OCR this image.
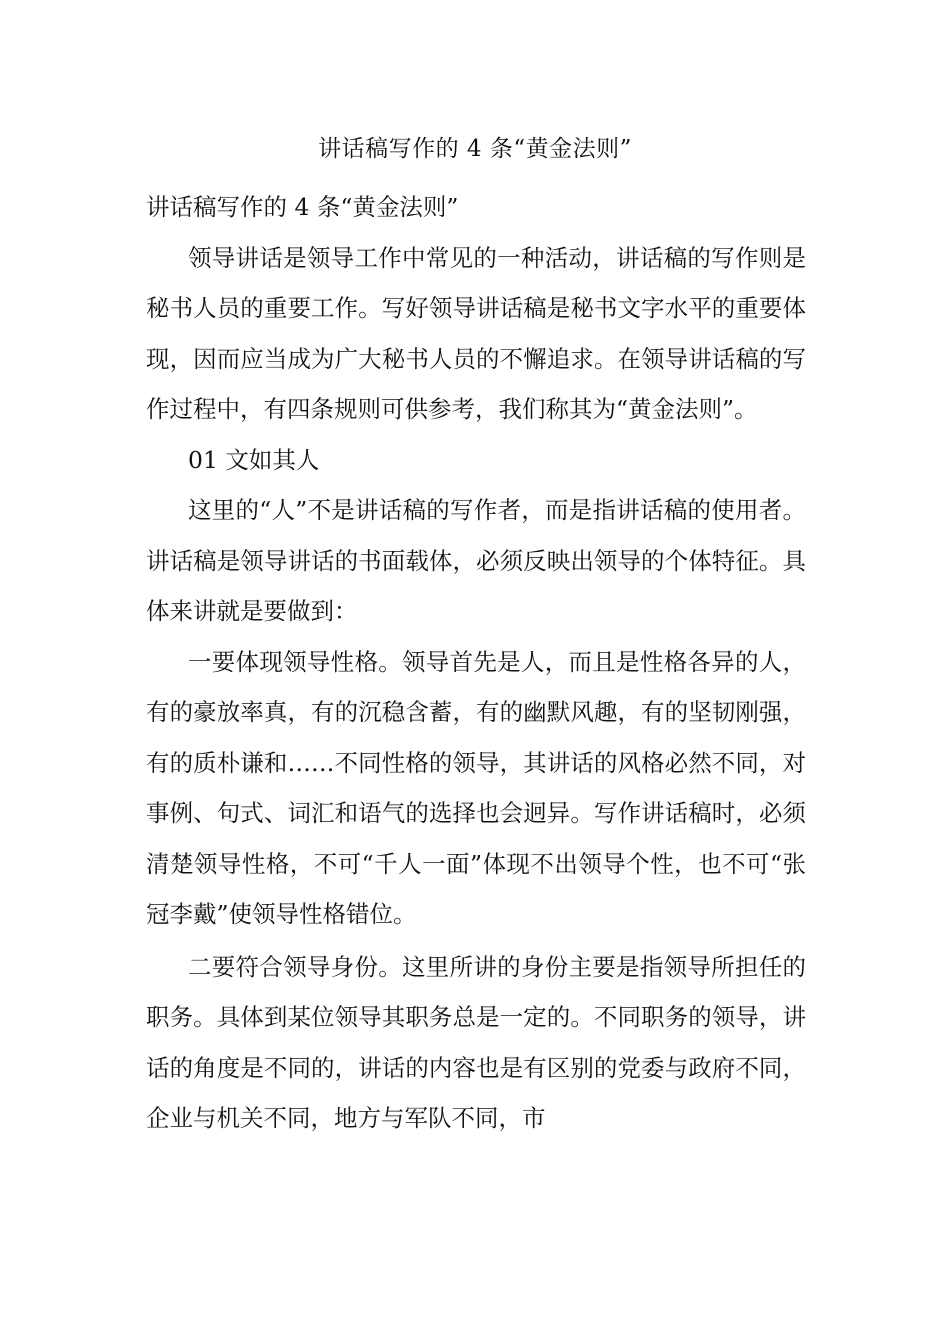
讲话稿写作的 4 条“黄金法则”

讲话稿写作的 4 条“黄金法则”

领导讲话是领导工作中常见的一种活动，讲话稿的写作则是秘书人员的重要工作。写好领导讲话稿是秘书文字水平的重要体现，因而应当成为广大秘书人员的不懈追求。在领导讲话稿的写作过程中，有四条规则可供参考，我们称其为“黄金法则”。

01 文如其人

这里的“人”不是讲话稿的写作者，而是指讲话稿的使用者。讲话稿是领导讲话的书面载体，必须反映出领导的个体特征。具体来讲就是要做到：

一要体现领导性格。领导首先是人，而且是性格各异的人，有的豪放率真，有的沉稳含蓄，有的幽默风趣，有的坚韧刚强，有的质朴谦和……不同性格的领导，其讲话的风格必然不同，对事例、句式、词汇和语气的选择也会迥异。写作讲话稿时，必须清楚领导性格，不可“千人一面”体现不出领导个性，也不可“张冠李戴”使领导性格错位。

二要符合领导身份。这里所讲的身份主要是指领导所担任的职务。具体到某位领导其职务总是一定的。不同职务的领导，讲话的角度是不同的，讲话的内容也是有区别的党委与政府不同，企业与机关不同，地方与军队不同，市
